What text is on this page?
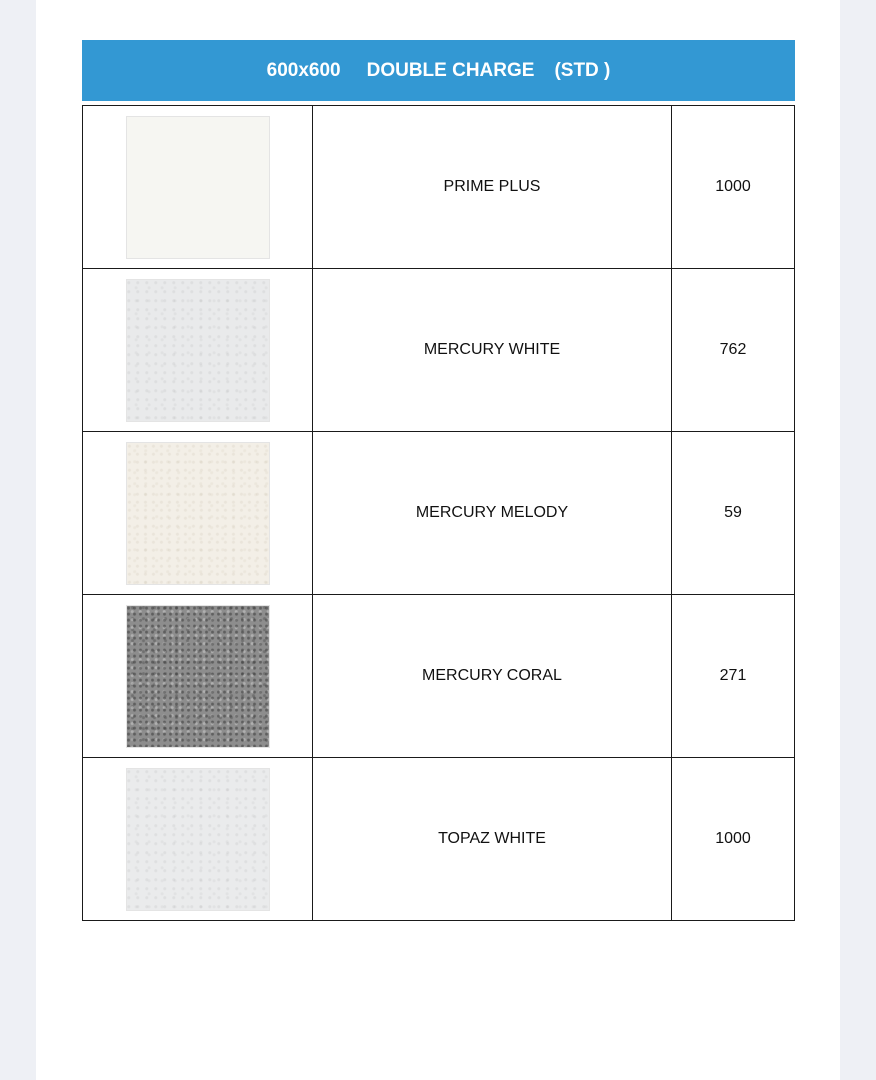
600x600 DOUBLE CHARGE (STD )
	PRIME PLUS	1000

	MERCURY WHITE	762

	MERCURY MELODY	59

	MERCURY CORAL	271

	TOPAZ WHITE	1000
